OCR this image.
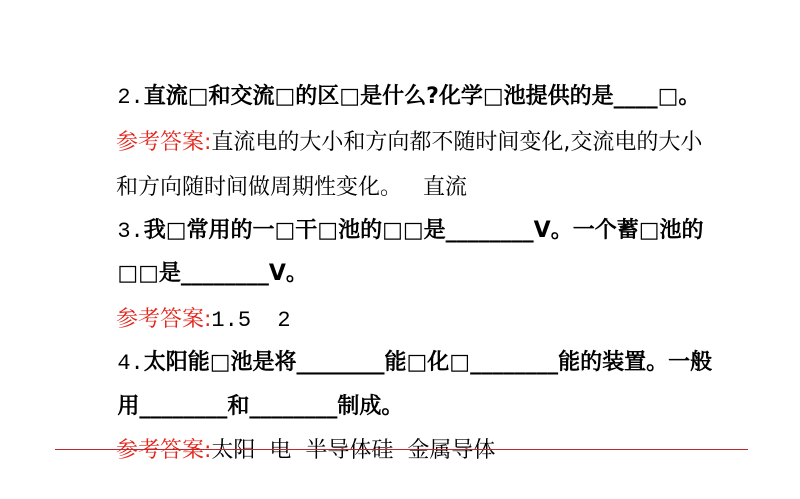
2.直流□和交流□的区□是什么?化学□池提供的是____□。

参考答案:直流电的大小和方向都不随时间变化,交流电的大小

和方向随时间做周期性变化。   直流

3.我□常用的一□干□池的□□是________V。一个蓄□池的

□□是________V。

参考答案:1.5  2

4.太阳能□池是将________能□化□________能的装置。一般

用________和________制成。

参考答案:太阳  电  半导体硅  金属导体
